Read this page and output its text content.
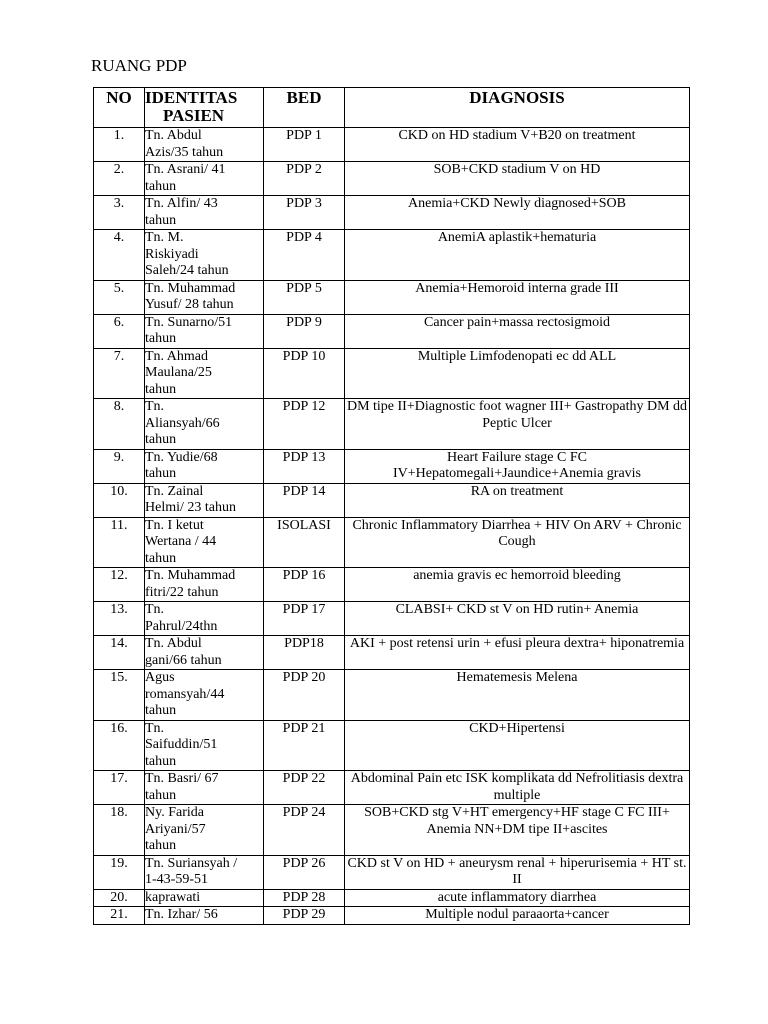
RUANG PDP
NO	IDENTITAS
PASIEN	BED	DIAGNOSIS
1.	Tn. Abdul
Azis/35 tahun	PDP 1	CKD on HD stadium V+B20 on treatment
2.	Tn. Asrani/ 41
tahun	PDP 2	SOB+CKD stadium V on HD
3.	Tn. Alfin/ 43
tahun	PDP 3	Anemia+CKD Newly diagnosed+SOB
4.	Tn. M.
Riskiyadi
Saleh/24 tahun	PDP 4	AnemiA aplastik+hematuria
5.	Tn. Muhammad
Yusuf/ 28 tahun	PDP 5	Anemia+Hemoroid interna grade III
6.	Tn. Sunarno/51
tahun	PDP 9	Cancer pain+massa rectosigmoid
7.	Tn. Ahmad
Maulana/25
tahun	PDP 10	Multiple Limfodenopati ec dd ALL
8.	Tn.
Aliansyah/66
tahun	PDP 12	DM tipe II+Diagnostic foot wagner III+ Gastropathy DM dd Peptic Ulcer
9.	Tn. Yudie/68
tahun	PDP 13	Heart Failure stage C FC IV+Hepatomegali+Jaundice+Anemia gravis
10.	Tn. Zainal
Helmi/ 23 tahun	PDP 14	RA on treatment
11.	Tn. I ketut
Wertana / 44
tahun	ISOLASI	Chronic Inflammatory Diarrhea + HIV On ARV + Chronic Cough
12.	Tn. Muhammad
fitri/22 tahun	PDP 16	anemia gravis ec hemorroid bleeding
13.	Tn.
Pahrul/24thn	PDP 17	CLABSI+ CKD st V on HD rutin+ Anemia
14.	Tn. Abdul
gani/66 tahun	PDP18	AKI + post retensi urin + efusi pleura dextra+ hiponatremia
15.	Agus
romansyah/44
tahun	PDP 20	Hematemesis Melena
16.	Tn.
Saifuddin/51
tahun	PDP 21	CKD+Hipertensi
17.	Tn. Basri/ 67
tahun	PDP 22	Abdominal Pain etc ISK komplikata dd Nefrolitiasis dextra multiple
18.	Ny. Farida
Ariyani/57
tahun	PDP 24	SOB+CKD stg V+HT emergency+HF stage C FC III+ Anemia NN+DM tipe II+ascites
19.	Tn. Suriansyah /
1-43-59-51	PDP 26	CKD st V on HD + aneurysm renal + hiperurisemia + HT st. II
20.	kaprawati	PDP 28	acute inflammatory diarrhea
21.	Tn. Izhar/ 56	PDP 29	Multiple nodul paraaorta+cancer
